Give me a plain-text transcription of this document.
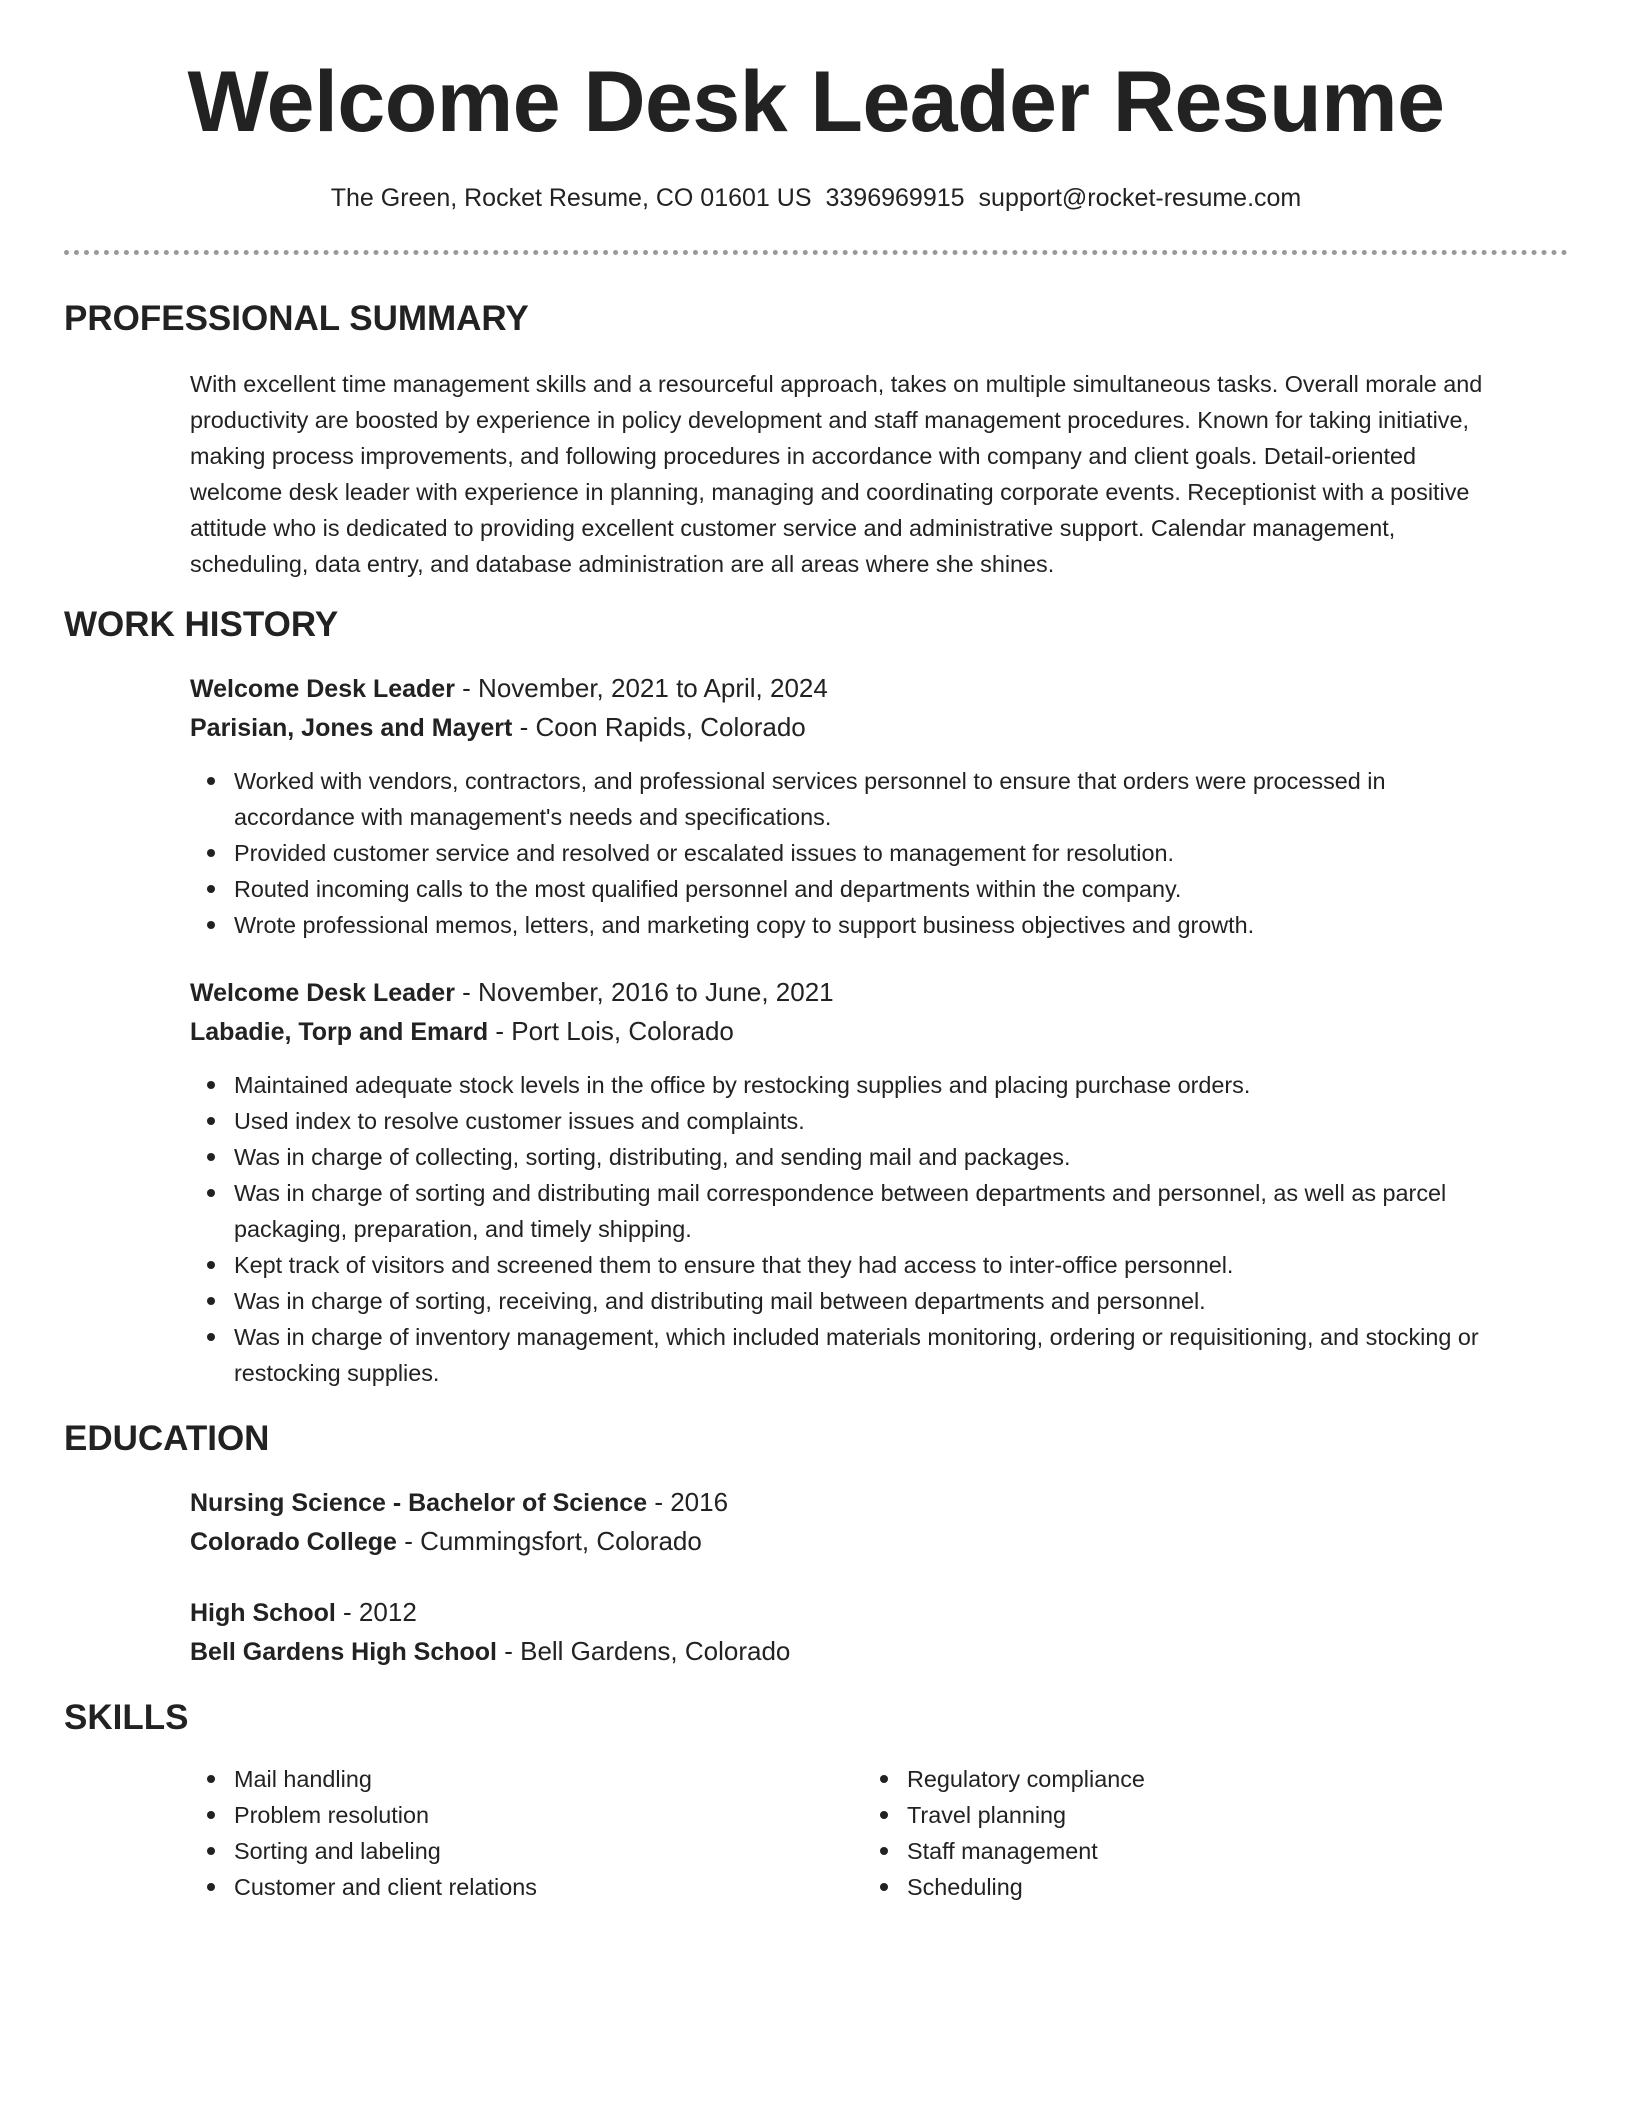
Welcome Desk Leader Resume
The Green, Rocket Resume, CO 01601 US 3396969915 support@rocket-resume.com
PROFESSIONAL SUMMARY
With excellent time management skills and a resourceful approach, takes on multiple simultaneous tasks. Overall morale and
productivity are boosted by experience in policy development and staff management procedures. Known for taking initiative,
making process improvements, and following procedures in accordance with company and client goals. Detail-oriented
welcome desk leader with experience in planning, managing and coordinating corporate events. Receptionist with a positive
attitude who is dedicated to providing excellent customer service and administrative support. Calendar management,
scheduling, data entry, and database administration are all areas where she shines.
WORK HISTORY
Welcome Desk Leader - November, 2021 to April, 2024
Parisian, Jones and Mayert - Coon Rapids, Colorado
Worked with vendors, contractors, and professional services personnel to ensure that orders were processed in
accordance with management's needs and specifications.
Provided customer service and resolved or escalated issues to management for resolution.
Routed incoming calls to the most qualified personnel and departments within the company.
Wrote professional memos, letters, and marketing copy to support business objectives and growth.
Welcome Desk Leader - November, 2016 to June, 2021
Labadie, Torp and Emard - Port Lois, Colorado
Maintained adequate stock levels in the office by restocking supplies and placing purchase orders.
Used index to resolve customer issues and complaints.
Was in charge of collecting, sorting, distributing, and sending mail and packages.
Was in charge of sorting and distributing mail correspondence between departments and personnel, as well as parcel
packaging, preparation, and timely shipping.
Kept track of visitors and screened them to ensure that they had access to inter-office personnel.
Was in charge of sorting, receiving, and distributing mail between departments and personnel.
Was in charge of inventory management, which included materials monitoring, ordering or requisitioning, and stocking or
restocking supplies.
EDUCATION
Nursing Science - Bachelor of Science - 2016
Colorado College - Cummingsfort, Colorado
High School - 2012
Bell Gardens High School - Bell Gardens, Colorado
SKILLS
Mail handling
Problem resolution
Sorting and labeling
Customer and client relations
Regulatory compliance
Travel planning
Staff management
Scheduling
